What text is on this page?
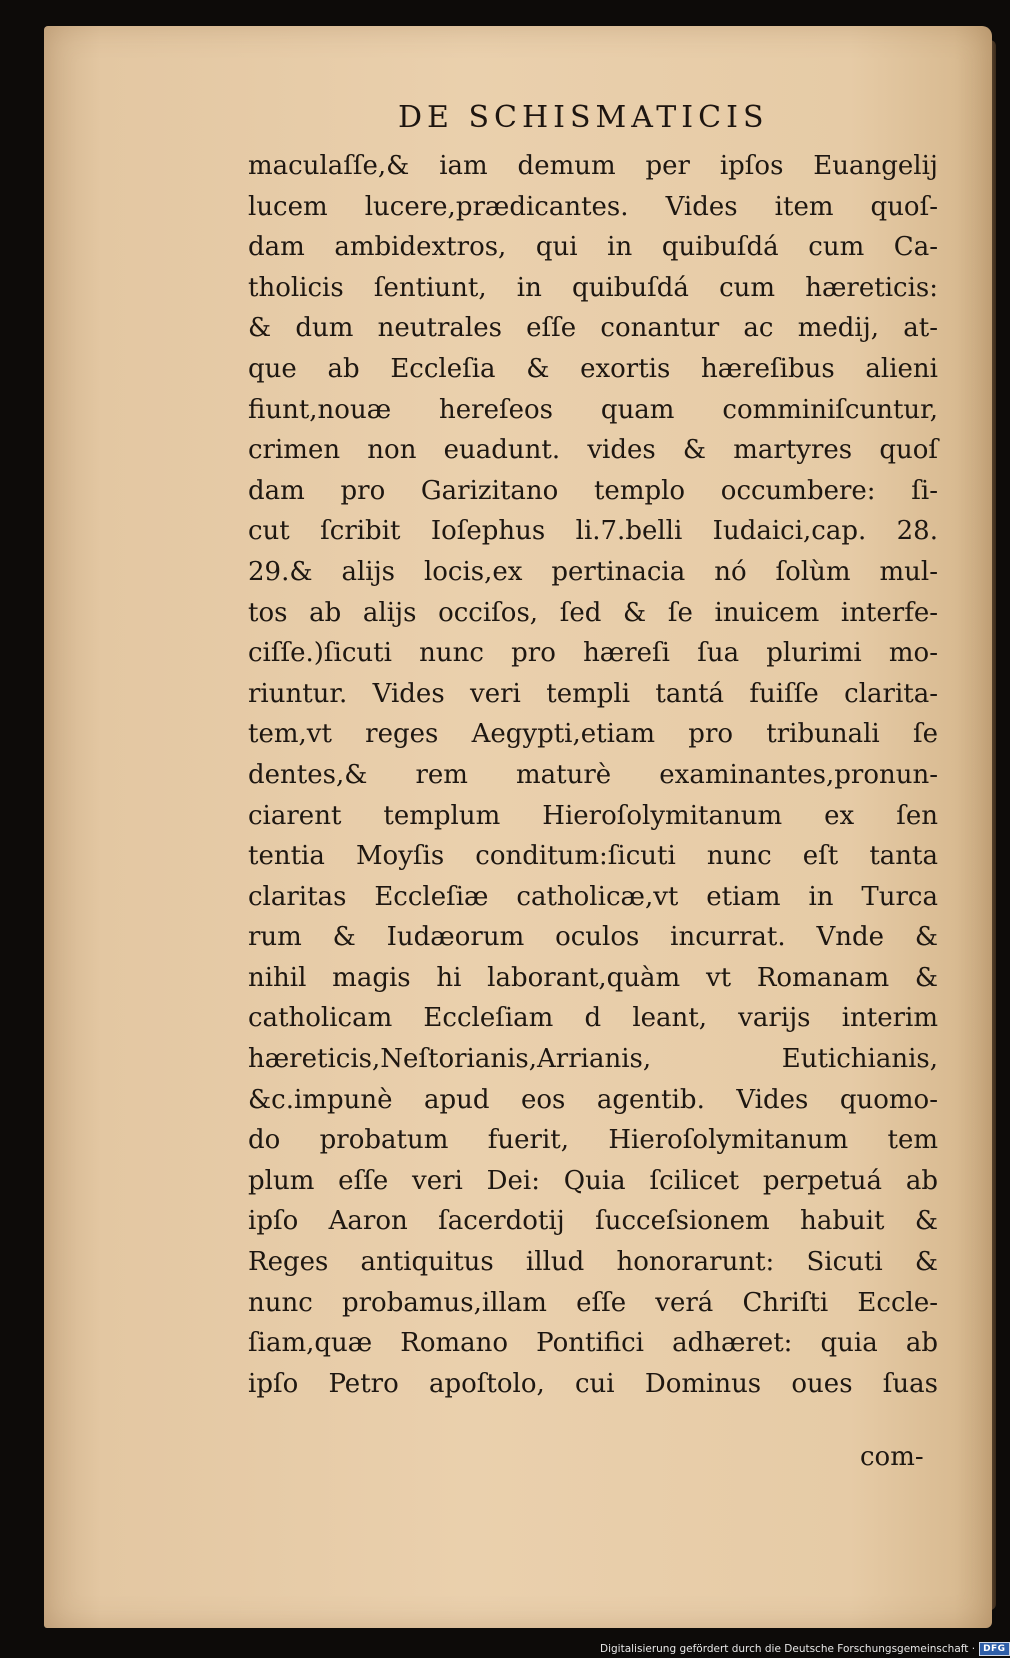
DE SCHISMATICIS
maculaſſe,& iam demum per ipſos Euangelij
lucem lucere,prædicantes. Vides item quoſ-
dam ambidextros, qui in quibuſdá cum Ca-
tholicis ſentiunt, in quibuſdá cum hæreticis:
& dum neutrales eſſe conantur ac medij, at-
que ab Eccleſia & exortis hæreſibus alieni
fiunt,nouæ hereſeos quam comminiſcuntur,
crimen non euadunt. vides & martyres quoſ
dam pro Garizitano templo occumbere: ſi-
cut ſcribit Ioſephus li.7.belli Iudaici,cap. 28.
29.& alijs locis,ex pertinacia nó ſolùm mul-
tos ab alijs occiſos, ſed & ſe inuicem interfe-
ciſſe.)ſicuti nunc pro hæreſi ſua plurimi mo-
riuntur. Vides veri templi tantá fuiſſe clarita-
tem,vt reges Aegypti,etiam pro tribunali ſe
dentes,& rem maturè examinantes,pronun-
ciarent templum Hieroſolymitanum ex ſen
tentia Moyſis conditum:ſicuti nunc eſt tanta
claritas Eccleſiæ catholicæ,vt etiam in Turca
rum & Iudæorum oculos incurrat. Vnde &
nihil magis hi laborant,quàm vt Romanam &
catholicam Eccleſiam d leant, varijs interim
hæreticis,Neſtorianis,Arrianis, Eutichianis,
&c.impunè apud eos agentib. Vides quomo-
do probatum fuerit, Hieroſolymitanum tem
plum eſſe veri Dei: Quia ſcilicet perpetuá ab
ipſo Aaron ſacerdotij ſucceſsionem habuit &
Reges antiquitus illud honorarunt: Sicuti &
nunc probamus,illam eſſe verá Chriſti Eccle-
ſiam,quæ Romano Pontifici adhæret: quia ab
ipſo Petro apoſtolo, cui Dominus oues ſuas
com-
Digitalisierung gefördert durch die Deutsche Forschungsgemeinschaft · DFG
